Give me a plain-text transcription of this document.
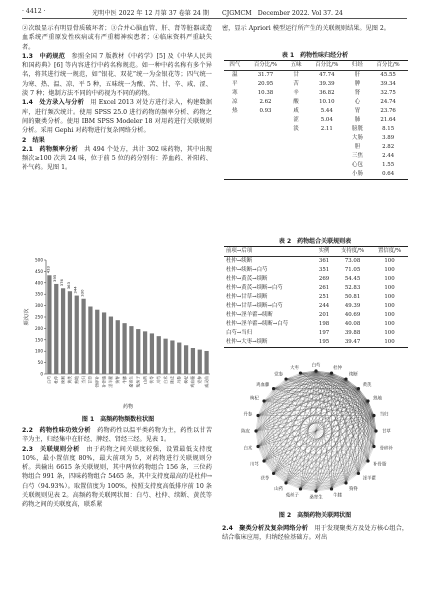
· 4412 ·	光明中医 2022 年 12 月第 37 卷第 24 期 CJGMCM　December 2022. Vol 37. 24

②次级显示有明显骨质破坏者；③合并心脑血管、肝、肾等脏器或造血系统严重原发性疾病或有严重精神疾患者；④临床资料严重缺失者。

1.3　中药规范　 参照全国 7 版教材《中药学》[5] 及《中华人民共和国药典》[6] 等内容进行中药名称规范。如一种中药名称有多个异名，将其进行统一规范，如“银花、双花”统一为金银花等；四气统一为寒、热、温、凉、平 5 种，五味统一为酸、苦、甘、辛、咸、涩、淡 7 种；炮制方法不同的中药视为不同的药物。

1.4　处方录入与分析　 用 Excel 2013 对处方进行录入，构建数据库，进行频次统计。使用 SPSS 25.0 进行药物的频率分析、药物之间的聚类分析。使用 IBM SPSS Modeler 18 对用药进行关联规则分析。采用 Gephi 对药物进行复杂网络分析。

2　结果

2.1　药物频率分析　 共 494 个处方，共计 302 味药物，其中出现频次≥100 次共 24 味，位于前 5 位的药分别有：养血药、补阳药、补气药。见图 1。

0
50
100
150
200
250
300
350
400
450
500
频次/次
433
白芍
395
杜仲
376
续断
363
黄芪
344
熟地
330
当归 甘草 骨碎补 补骨脂 淫羊藿 狗脊 牛膝 桑寄生 菟丝子 山药 茯苓 川芎 白术 陈皮 丹参 枸杞 鸡血藤 党参 威灵仙
药物
图 1　高频药物频数柱状图

2.2　药物性味功效分析　 药物药性以温平类药物为主，药性以甘苦辛为主，归经集中在肝经、脾经、肾经三经。见表 1。

2.3　关联规则分析　 由于药物之间关联度较强，设置最低支持度 10%，最小置信度 80%，最大前项为 5，对药物进行关联规则分析。共输出 6615 条关联规则，其中两位药物组合 156 条，三位药物组合 991 条，四味药物组合 5465 条，其中支持度最高的是杜仲→白芍（94.93%）。取置信度为 100%，按照支持度高低排序前 10 条关联规则见表 2。高频药物关联网状图：白芍、杜仲、续断、黄芪等药物之间的关联度高，联系紧

密，显示 Apriori 模型运行所产生的关联规则结果。见图 2。

表 1　药物性味归经分析
四气	百分比/%	五味	百分比/%	归经	百分比/%
温	31.77	甘	47.74	肝	45.55
平	20.95	苦	39.39	脾	39.34
寒	10.38	辛	36.82	肾	32.75
凉	2.62	酸	10.10	心	24.74
热	0.93	咸	5.44	胃	23.76
		涩	5.04	肺	21.64
		淡	2.11	膀胱	8.15
				大肠	3.89
				胆	2.82
				三焦	2.44
				心包	1.55
				小肠	0.64
表 2　药物组合关联规则表
前项→后项	实例	支持度/%	置信度/%
杜仲→续断	361	73.08	100
杜仲→续断→白芍	351	71.05	100
杜仲→黄芪→续断	269	54.45	100
杜仲→黄芪→续断→白芍	261	52.83	100
杜仲→甘草→续断	251	50.81	100
杜仲→甘草→续断→白芍	244	49.39	100
杜仲→淫羊藿→续断	201	40.69	100
杜仲→淫羊藿→续断→白芍	198	40.08	100
白芍→当归	197	39.88	100
杜仲→大枣→续断	195	39.47	100
白芍	杜仲
续断
黄芪
熟地
当归
甘草
骨碎补
补骨脂
淫羊藿
狗脊
牛膝
桑寄生
菟丝子
山药
茯苓
川芎
白术
陈皮
丹参
枸杞
鸡血藤
党参
大枣
图 2　高频药物关联网状图

2.4　聚类分析及复杂网络分析　 用于发现聚类方及处方核心组合，结合临床应用，归纳经验基础方。对出
